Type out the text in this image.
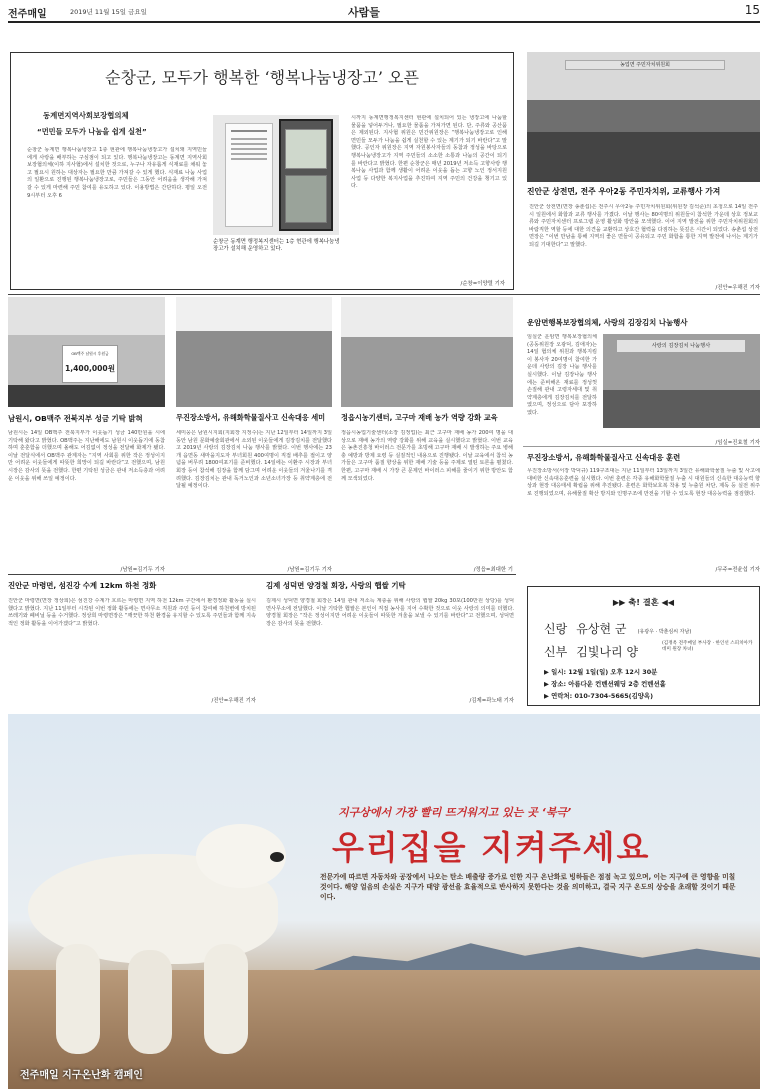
전주매일	2019년 11월 15일 금요일	사람들	15
순창군, 모두가 행복한 ‘행복나눔냉장고’ 오픈
동계면지역사회보장협의체
“먼민들 모두가 나눔을 쉽게 실천”
순창군 동계면 행복나눔냉장고 1층 현관에 행복나눔냉장고가 설치돼 지역민들에게 사랑을 배부하는 구심점이 되고 있다. 행복나눔냉장고는 동계면 지역사회보장협의체(이하 지사협)에서 설치한 것으로, 누구나 자유롭게 식재료를 채워 놓고 필요시 원하는 대상자는 필요한 만큼 가져갈 수 있게 했다. 식재료 나눔 사업의 일환으로 진행된 행복나눔냉장고로, 주민들은 그동안 어려움을 생각해 가져갈 수 있게 마련해 주민 참여를 유도하고 있다. 이용방법은 간단하다. 평일 오전 9시부터 오후 6
순창군 동계면 행정복지센터는 1층 현관에 행복나눔냉장고가 설치해 운영하고 있다.
시까지 동계면행정복지센터 현관에 설치되어 있는 냉장고에 나눔할 물품을 넣어두거나, 필요한 물품을 가져가면 된다. 단, 주류와 공산품은 제외된다. 지사협 위원은 민간위원장은 “행복나눔냉장고로 인해 면민들 모두가 나눔을 쉽게 실천할 수 있는 계기가 되기 바란다”고 말했다. 공인자 위원장은 지역 자원봉사자들의 동참과 정성을 바탕으로 행복나눔냉장고가 지역 주민들의 소소한 소통과 나눔의 공간이 되기를 바란다고 밝혔다. 한편 순창군은 매년 2019년 저소득 고향사랑 행복나눔 사업과 함께 생활이 어려운 이웃을 돕는 고향 노인 정서지원 사업 등 다양한 복지사업을 추진하여 지역 주민의 건강을 챙기고 있다.
/순창=이양렬 기자
농업면 주민자치위원회
진안군 상전면, 전주 우아2동 주민자치위, 교류행사 가져
진안군 상전면(면장 송춘섭)은 전주시 우아2동 주민자치위원회(위원장 김석준)의 초청으로 14일 전주시 일원에서 화합과 교류 행사를 가졌다. 이날 행사는 80여명의 위원들이 참석한 가운데 상호 정보교류와 주민자치센터 프로그램 운영 활성화 방안을 모색했다. 이어 지역 발전을 위한 주민자치위원회의 바람직한 역할 등에 대한 의견을 교환하고 상호간 협력을 다짐하는 뜻깊은 시간이 되었다. 송춘섭 상전면장은 “이번 만남을 통해 지역의 좋은 면들이 공유되고 주민 화합을 통한 지역 발전에 나서는 계기가 되길 기대한다”고 말했다.
/진안=우해진 기자
OB맥주 남원시 후원금
1,400,000원
남원시, OB맥주 전북지부 성금 기탁 밝혀
남원시는 14일 OB맥주 전북지부가 이웃돕기 성금 140만원을 시에 기탁해 왔다고 밝혔다. OB맥주는 지난해에도 남원시 이웃돕기에 동참하며 훈훈함을 더했으며 올해도 어김없이 정성을 전달해 화제가 됐다. 이날 전달식에서 OB맥주 관계자는 “지역 사회를 위한 작은 정성이지만 어려운 이웃들에게 따뜻한 희망이 되길 바란다”고 전했으며, 남원시장은 감사의 뜻을 전했다. 한편 기탁된 성금은 관내 저소득층과 어려운 이웃을 위해 쓰일 예정이다.
/남원=김기두 기자
무진장소방서, 유해화학물질사고 신속대응 세미
세미웅은 남원시지회(지회장 지정수)는 지난 12일부터 14일까지 3일 동안 남원 문화예술회관에서 소외된 이웃들에게 김장김치를 전달했다고 2019년 사랑의 김장김치 나눔 행사를 밝혔다. 이번 행사에는 23개 읍면동 새마을지도자 부녀회원 400여명이 직접 배추를 절이고 양념을 버무려 1800여포기를 준비했다. 14일에는 이환주 시장과 부녀회장 등이 참석해 김장을 함께 담그며 어려운 이웃들의 겨울나기를 격려했다. 김장김치는 관내 독거노인과 소년소녀가장 등 취약계층에 전달될 예정이다.
/남원=김기두 기자
정읍시농기센터, 고구마 재배 농가 역량 강화 교육
정읍시농업기술센터(소장 김정업)는 최근 고구마 재배 농가 200여 명을 대상으로 재배 농가의 역량 강화를 위해 교육을 실시했다고 밝혔다. 이번 교육은 농촌진흥청 바이러스 전문가를 초빙해 고구마 재배 시 발생하는 주요 병해충 예방과 방제 요령 등 실질적인 내용으로 진행됐다. 이날 교육에서 참석 농가들은 고구마 품질 향상을 위한 재배 기술 등을 주제로 열띤 토론을 펼쳤다. 한편, 고구마 재배 시 가장 큰 문제인 바이러스 피해를 줄이기 위한 방안도 함께 모색되었다.
/정읍=최대한 기
운암면행복보장협의체, 사랑의 김장김치 나눔행사
임실군 운암면 행복보장협의체(공동위원장 오광덕, 김애자)는 14일 협의체 위원과 행복지킴이 봉사자 20여명이 참여한 가운데 사랑의 김장 나눔 행사를 실시했다. 이날 김장나눔 행사에는 준비해온 재료를 정성껏 손질해 관내 고령자세대 및 취약계층에게 김장김치를 전달하였으며, 정성으로 담아 포장하였다.
사랑의 김장김치 나눔행사
/임실=진효철 기자
무진장소방서, 유해화학물질사고 신속대응 훈련
무진장소방서(서장 박덕규) 119구조대는 지난 11일부터 13일까지 3일간 유해화학물질 누출 및 사고에 대비한 신속대응훈련을 실시했다. 이번 훈련은 각종 유해화학물질 누출 시 대원들의 신속한 대응능력 향상과 현장 대응태세 확립을 위해 추진됐다. 훈련은 화학보호복 착용 및 누출원 차단, 제독 등 실전 위주로 진행되었으며, 유해물질 확산 방지와 인명구조에 만전을 기할 수 있도록 현장 대응능력을 점검했다.
/무주=전윤섭 기자
진안군 마령면, 섬진강 수계 12km 하천 정화
진안군 마령면(면장 정상희)은 섬진강 수계가 흐르는 마령면 지역 하천 12km 구간에서 환경정화 활동을 실시했다고 밝혔다. 지난 11일부터 시작된 이번 정화 활동에는 면사무소 직원과 주민 등이 참여해 하천변에 방치된 쓰레기와 폐비닐 등을 수거했다. 정상희 마령면장은 “깨끗한 하천 환경을 유지할 수 있도록 주민들과 함께 지속적인 정화 활동을 이어가겠다”고 밝혔다.
/진안=우해진 기자
김제 성덕면 양경철 회장, 사랑의 햅쌀 기탁
김제시 성덕면 양경철 회장은 14일 관내 저소득 계층을 위해 사랑의 햅쌀 20kg 30포(100만원 상당)를 성덕면사무소에 전달했다. 이날 기탁한 햅쌀은 본인이 직접 농사를 지어 수확한 것으로 이웃 사랑의 의미를 더했다. 양경철 회장은 “작은 정성이지만 어려운 이웃들이 따뜻한 겨울을 보낼 수 있기를 바란다”고 전했으며, 성덕면장은 감사의 뜻을 전했다.
/김제=곽노태 기자
▶▶ 축! 결혼 ◀◀
신랑 유상현 군 (유광우 · 박춘심씨 자남)
신부 김빛나리 양
(김정옥 전주매일 부사장 · 한인선 스피치아카데미 원장 차녀)
▶ 일시: 12월 1일(일) 오후 12시 30분
▶ 장소: 아름다운 컨벤션웨딩 2층 컨벤션홀
▶ 연락처: 010-7304-5665(김양옥)
지구상에서 가장 빨리 뜨거워지고 있는 곳 ‘북극’
우리집을 지켜주세요
전문가에 따르면 자동차와 공장에서 나오는 탄소 배출량 증가로 인한 지구 온난화로 빙하들은 점점 녹고 있으며, 이는 지구에 큰 영향을 미칠 것이다. 해양 얼음의 손실은 지구가 태양 광선을 효율적으로 반사하지 못한다는 것을 의미하고, 결국 지구 온도의 상승을 초래할 것이기 때문이다.
전주매일 지구온난화 캠페인
